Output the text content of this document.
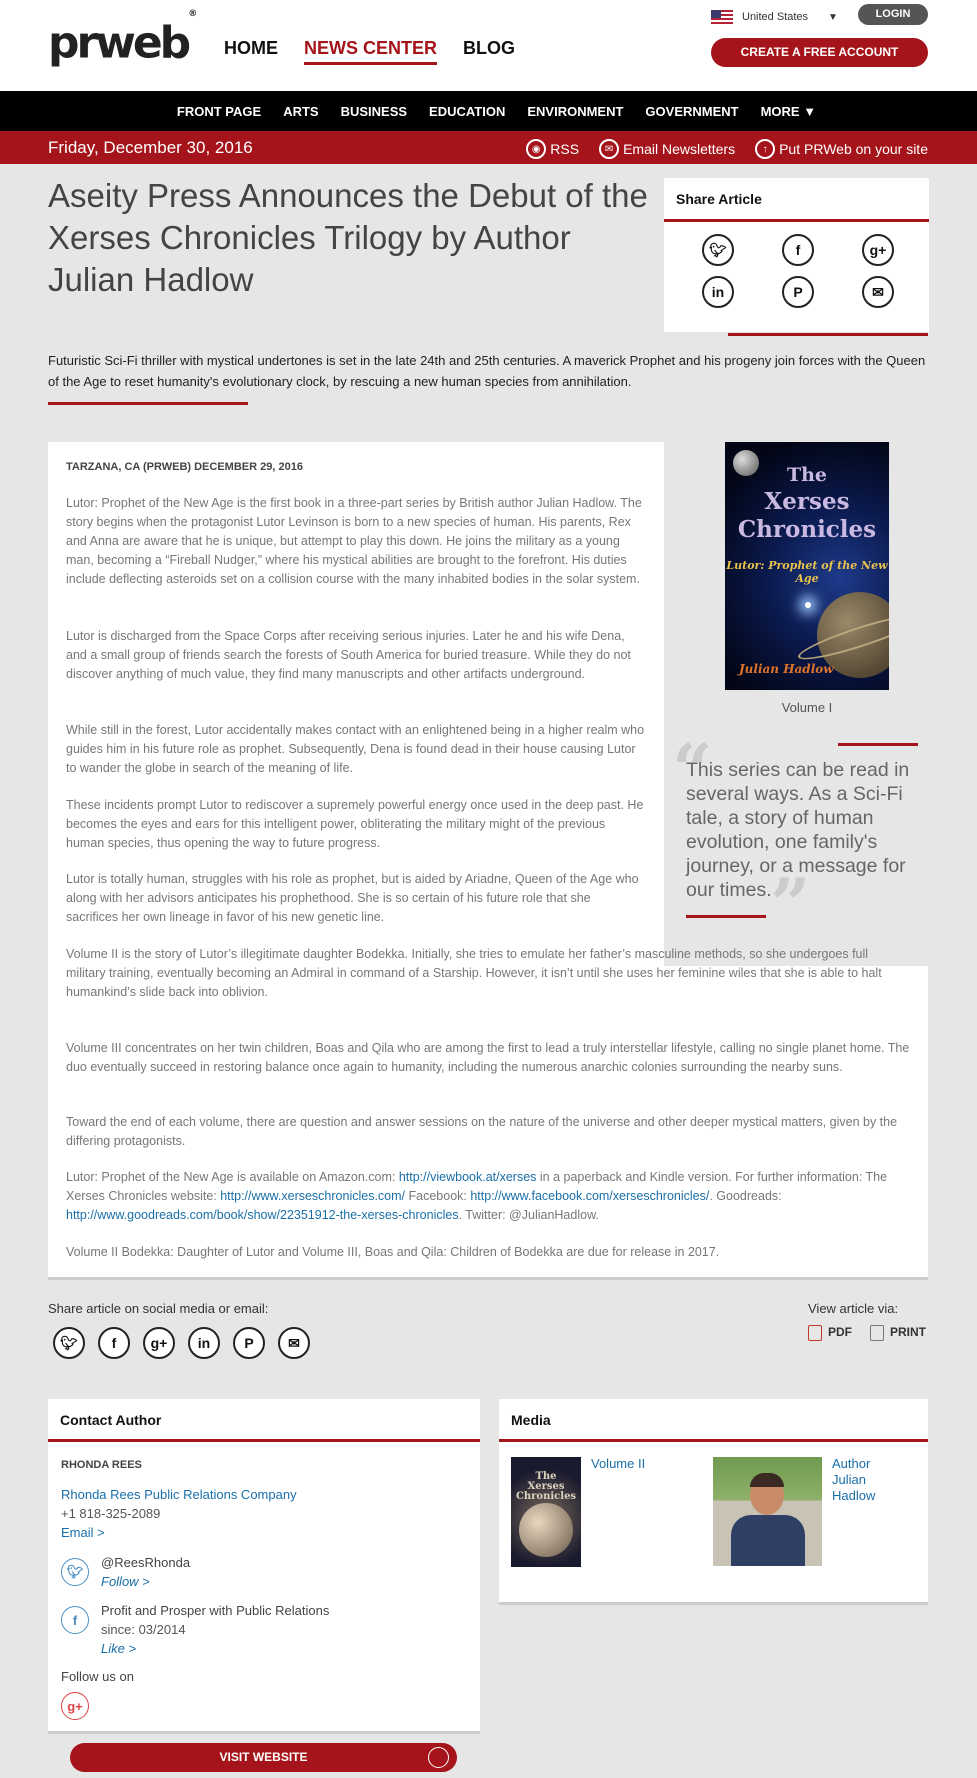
prweb®
HOME NEWS CENTER BLOG
United States ▼	LOGIN
CREATE A FREE ACCOUNT
FRONT PAGE ARTS BUSINESS EDUCATION ENVIRONMENT GOVERNMENT MORE ▼
Friday, December 30, 2016	◉ RSS	✉ Email Newsletters	↑ Put PRWeb on your site
Aseity Press Announces the Debut of the Xerses Chronicles Trilogy by Author Julian Hadlow
Share Article
🐦︎	f	g+
in	P	✉
Futuristic Sci-Fi thriller with mystical undertones is set in the late 24th and 25th centuries. A maverick Prophet and his progeny join forces with the Queen of the Age to reset humanity's evolutionary clock, by rescuing a new human species from annihilation.
TARZANA, CA (PRWEB) DECEMBER 29, 2016
Lutor: Prophet of the New Age is the first book in a three-part series by British author Julian Hadlow. The story begins when the protagonist Lutor Levinson is born to a new species of human. His parents, Rex and Anna are aware that he is unique, but attempt to play this down. He joins the military as a young man, becoming a “Fireball Nudger,” where his mystical abilities are brought to the forefront. His duties include deflecting asteroids set on a collision course with the many inhabited bodies in the solar system.
Lutor is discharged from the Space Corps after receiving serious injuries. Later he and his wife Dena, and a small group of friends search the forests of South America for buried treasure. While they do not discover anything of much value, they find many manuscripts and other artifacts underground.
While still in the forest, Lutor accidentally makes contact with an enlightened being in a higher realm who guides him in his future role as prophet. Subsequently, Dena is found dead in their house causing Lutor to wander the globe in search of the meaning of life.
These incidents prompt Lutor to rediscover a supremely powerful energy once used in the deep past. He becomes the eyes and ears for this intelligent power, obliterating the military might of the previous human species, thus opening the way to future progress.
Lutor is totally human, struggles with his role as prophet, but is aided by Ariadne, Queen of the Age who along with her advisors anticipates his prophethood. She is so certain of his future role that she sacrifices her own lineage in favor of his new genetic line.
Volume II is the story of Lutor’s illegitimate daughter Bodekka. Initially, she tries to emulate her father’s masculine methods, so she undergoes full military training, eventually becoming an Admiral in command of a Starship. However, it isn’t until she uses her feminine wiles that she is able to halt humankind’s slide back into oblivion.
Volume III concentrates on her twin children, Boas and Qila who are among the first to lead a truly interstellar lifestyle, calling no single planet home. The duo eventually succeed in restoring balance once again to humanity, including the numerous anarchic colonies surrounding the nearby suns.
Toward the end of each volume, there are question and answer sessions on the nature of the universe and other deeper mystical matters, given by the differing protagonists.
Lutor: Prophet of the New Age is available on Amazon.com: http://viewbook.at/xerses in a paperback and Kindle version. For further information: The Xerses Chronicles website: http://www.xerseschronicles.com/ Facebook: http://www.facebook.com/xerseschronicles/. Goodreads: http://www.goodreads.com/book/show/22351912-the-xerses-chronicles. Twitter: @JulianHadlow.
Volume II Bodekka: Daughter of Lutor and Volume III, Boas and Qila: Children of Bodekka are due for release in 2017.
The
Xerses
Chronicles
Lutor: Prophet of the New Age
Julian Hadlow
Volume I
“
This series can be read in several ways. As a Sci-Fi tale, a story of human evolution, one family's journey, or a message for our times.
”
Share article on social media or email:
🐦︎	f	g+	in	P	✉
View article via:
PDF	PRINT
Contact Author
RHONDA REES
Rhonda Rees Public Relations Company
+1 818-325-2089
Email >
🐦︎
@ReesRhonda
Follow >
f
Profit and Prosper with Public Relations
since: 03/2014
Like >
Follow us on
g+
VISIT WEBSITE
Media
The
Xerses
Chronicles
Volume II	Author
Julian
Hadlow
